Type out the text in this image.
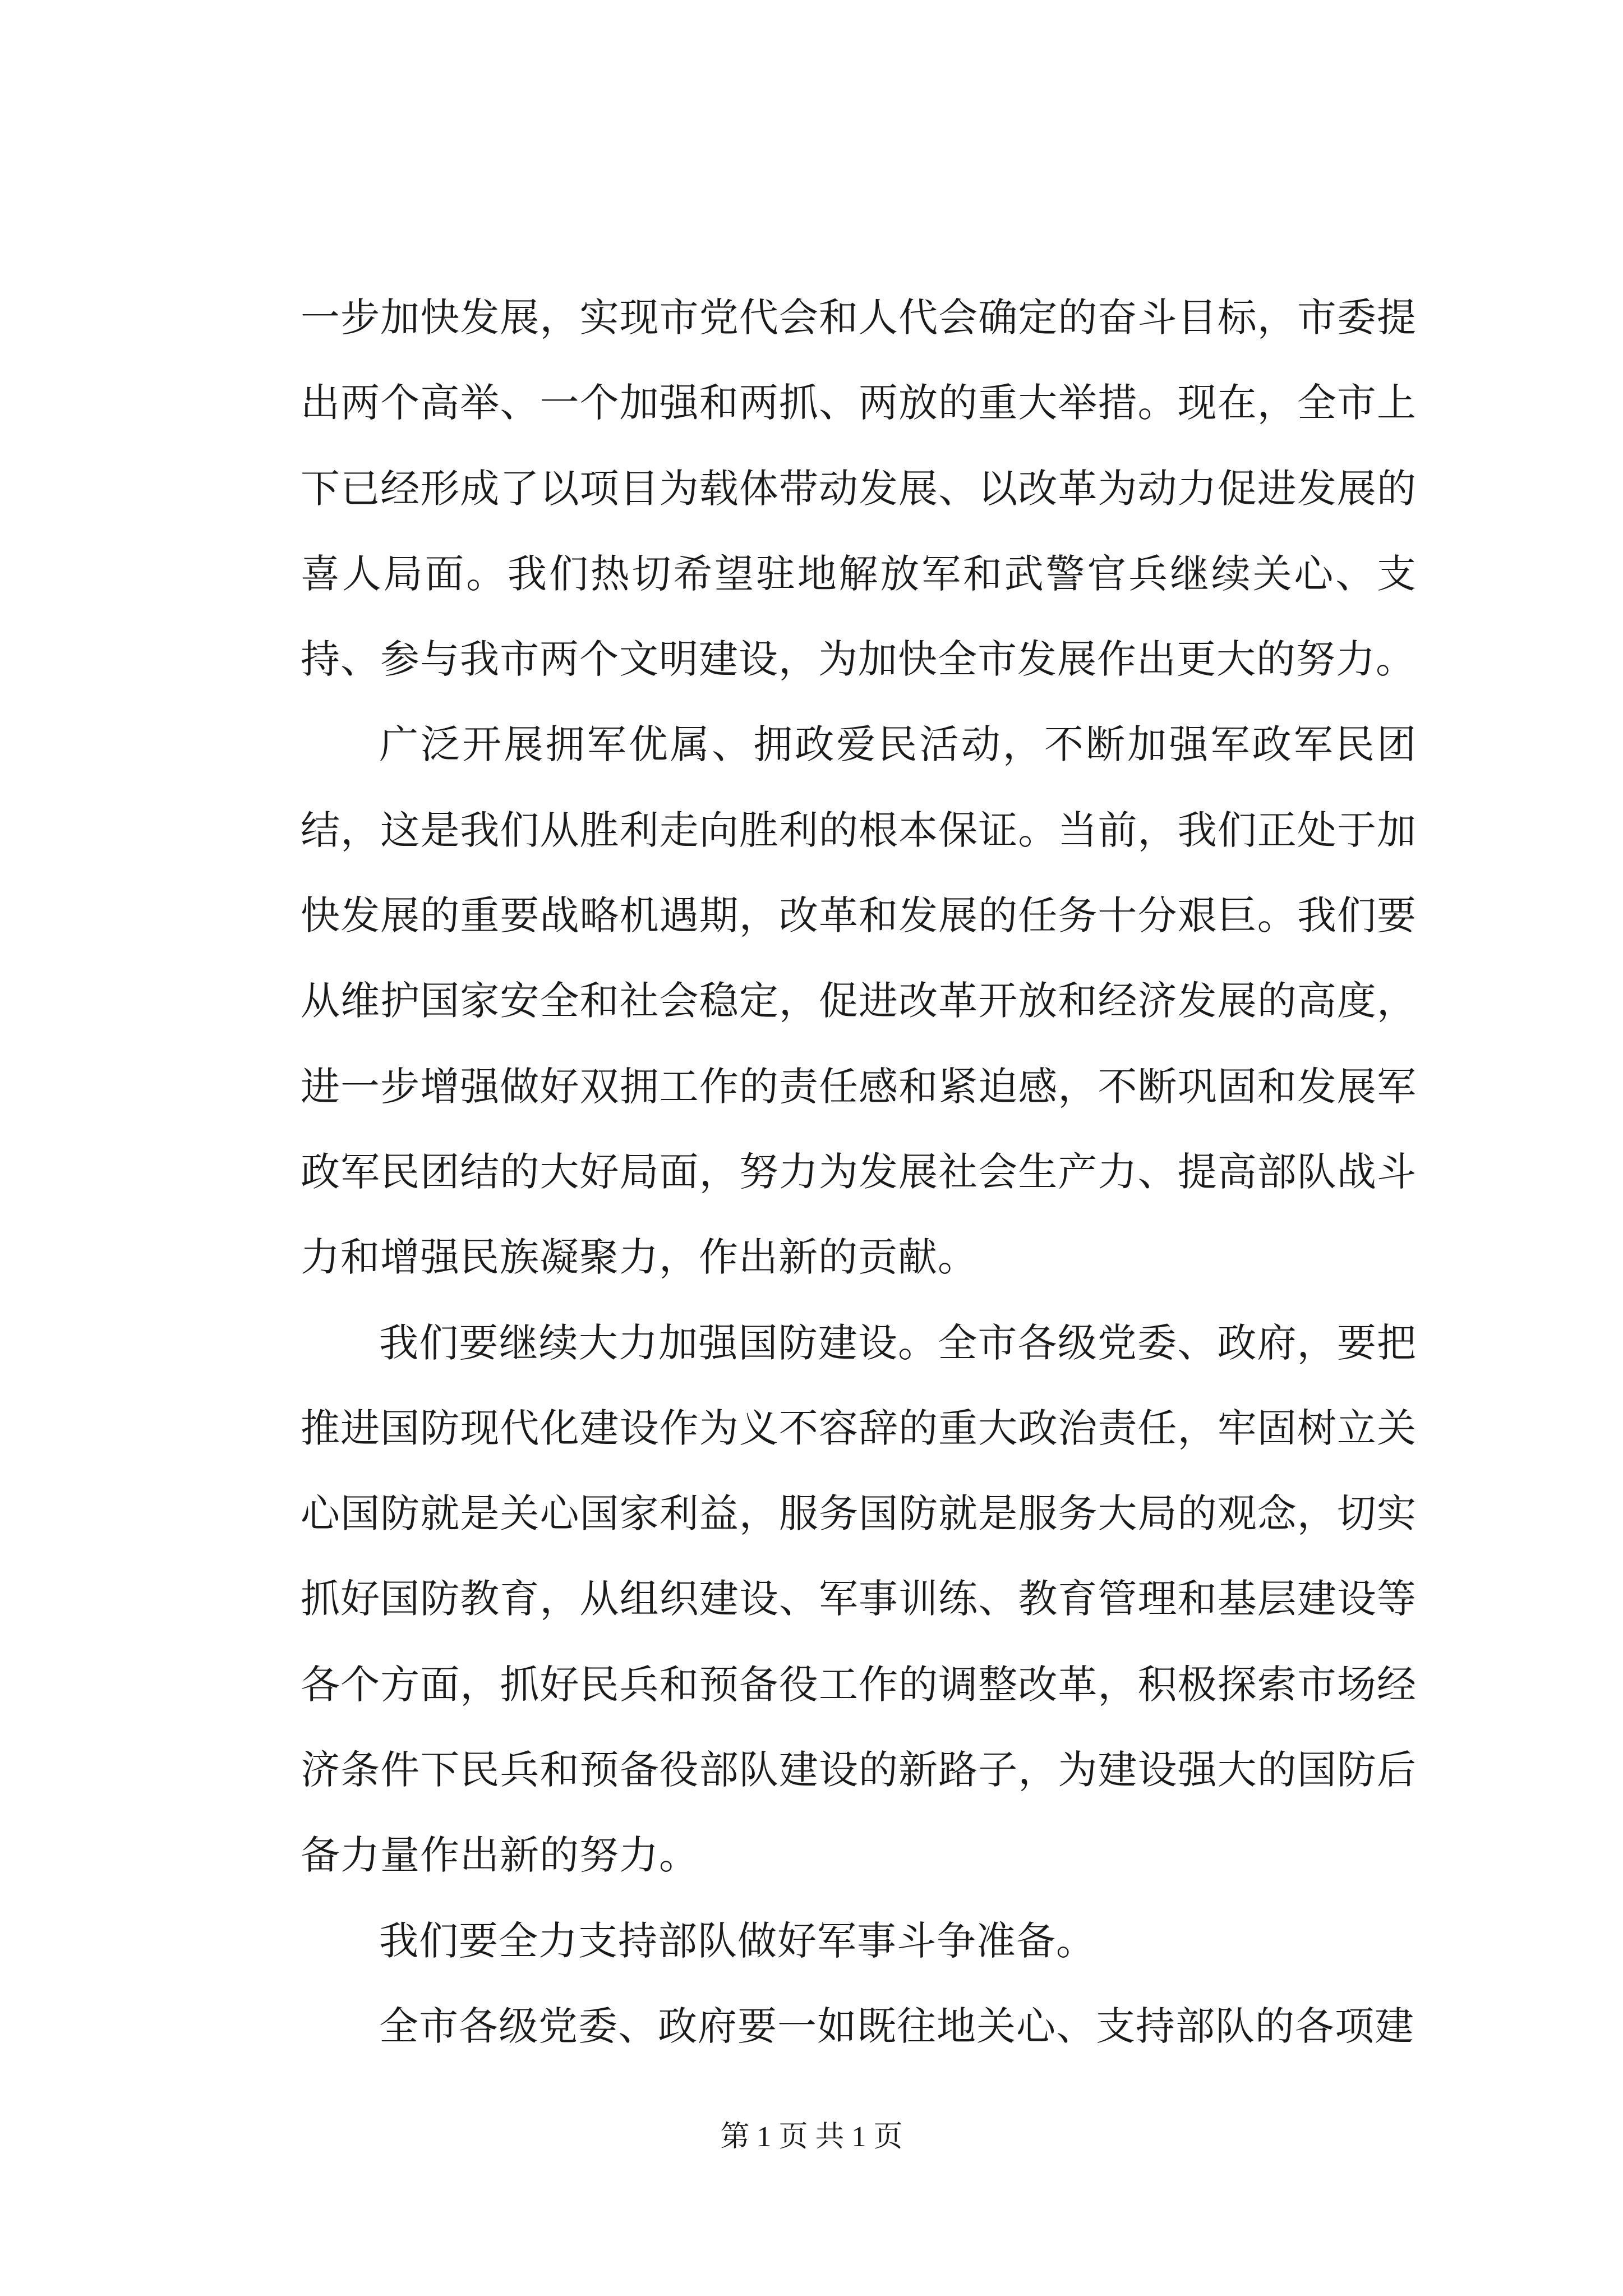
一步加快发展，实现市党代会和人代会确定的奋斗目标，市委提出两个高举、一个加强和两抓、两放的重大举措。现在，全市上下已经形成了以项目为载体带动发展、以改革为动力促进发展的喜人局面。我们热切希望驻地解放军和武警官兵继续关心、支持、参与我市两个文明建设，为加快全市发展作出更大的努力。

广泛开展拥军优属、拥政爱民活动，不断加强军政军民团结，这是我们从胜利走向胜利的根本保证。当前，我们正处于加快发展的重要战略机遇期，改革和发展的任务十分艰巨。我们要从维护国家安全和社会稳定，促进改革开放和经济发展的高度，进一步增强做好双拥工作的责任感和紧迫感，不断巩固和发展军政军民团结的大好局面，努力为发展社会生产力、提高部队战斗力和增强民族凝聚力，作出新的贡献。

我们要继续大力加强国防建设。全市各级党委、政府，要把推进国防现代化建设作为义不容辞的重大政治责任，牢固树立关心国防就是关心国家利益，服务国防就是服务大局的观念，切实抓好国防教育，从组织建设、军事训练、教育管理和基层建设等各个方面，抓好民兵和预备役工作的调整改革，积极探索市场经济条件下民兵和预备役部队建设的新路子，为建设强大的国防后备力量作出新的努力。

我们要全力支持部队做好军事斗争准备。

全市各级党委、政府要一如既往地关心、支持部队的各项建

第 1 页 共 1 页
